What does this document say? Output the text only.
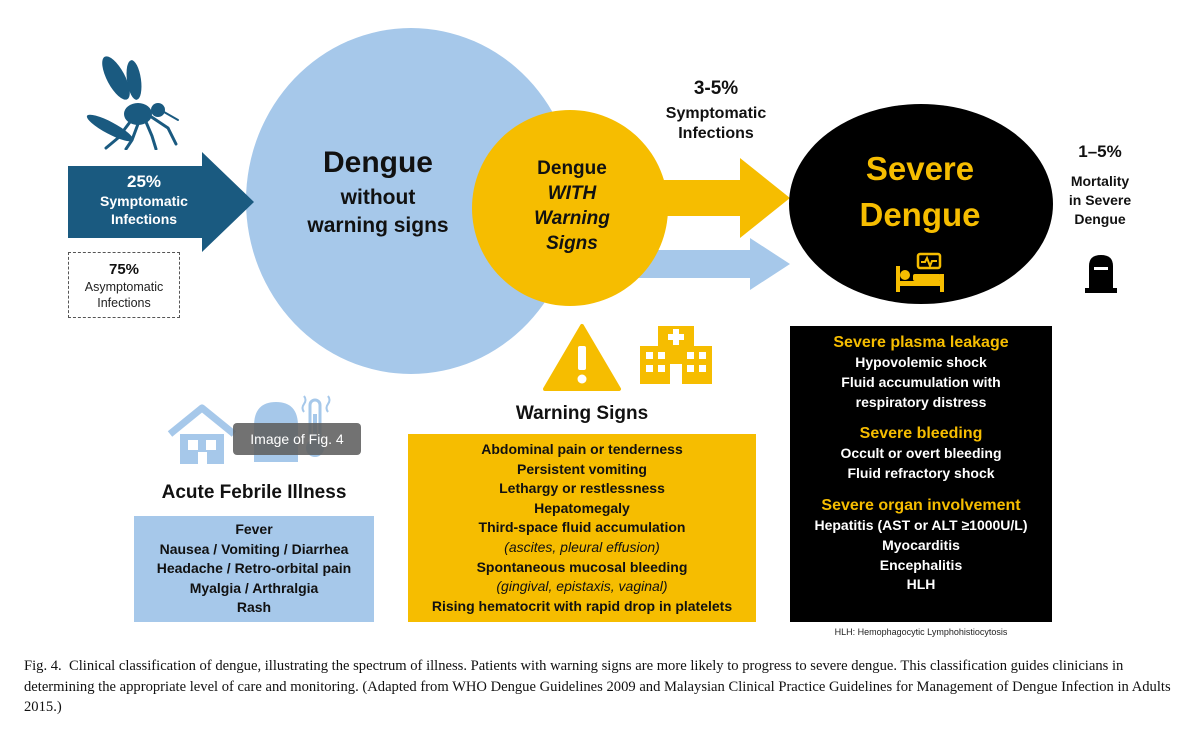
Dengue
without
warning signs
Dengue
WITH
Warning
Signs
Severe
Dengue
25%
Symptomatic
Infections
75%
Asymptomatic
Infections
3-5%
Symptomatic
Infections
1–5%
Mortality
in Severe
Dengue
Image of Fig. 4
Acute Febrile Illness
Fever
Nausea / Vomiting / Diarrhea
Headache / Retro-orbital pain
Myalgia / Arthralgia
Rash
Warning Signs
Abdominal pain or tenderness
Persistent vomiting
Lethargy or restlessness
Hepatomegaly
Third-space fluid accumulation
(ascites, pleural effusion)
Spontaneous mucosal bleeding
(gingival, epistaxis, vaginal)
Rising hematocrit with rapid drop in platelets
Severe plasma leakage
Hypovolemic shock
Fluid accumulation with
respiratory distress
Severe bleeding
Occult or overt bleeding
Fluid refractory shock
Severe organ involvement
Hepatitis (AST or ALT ≥1000U/L)
Myocarditis
Encephalitis
HLH
HLH: Hemophagocytic Lymphohistiocytosis
Fig. 4. Clinical classification of dengue, illustrating the spectrum of illness. Patients with warning signs are more likely to progress to severe dengue. This classification guides clinicians in determining the appropriate level of care and monitoring. (Adapted from WHO Dengue Guidelines 2009 and Malaysian Clinical Practice Guidelines for Management of Dengue Infection in Adults 2015.)
